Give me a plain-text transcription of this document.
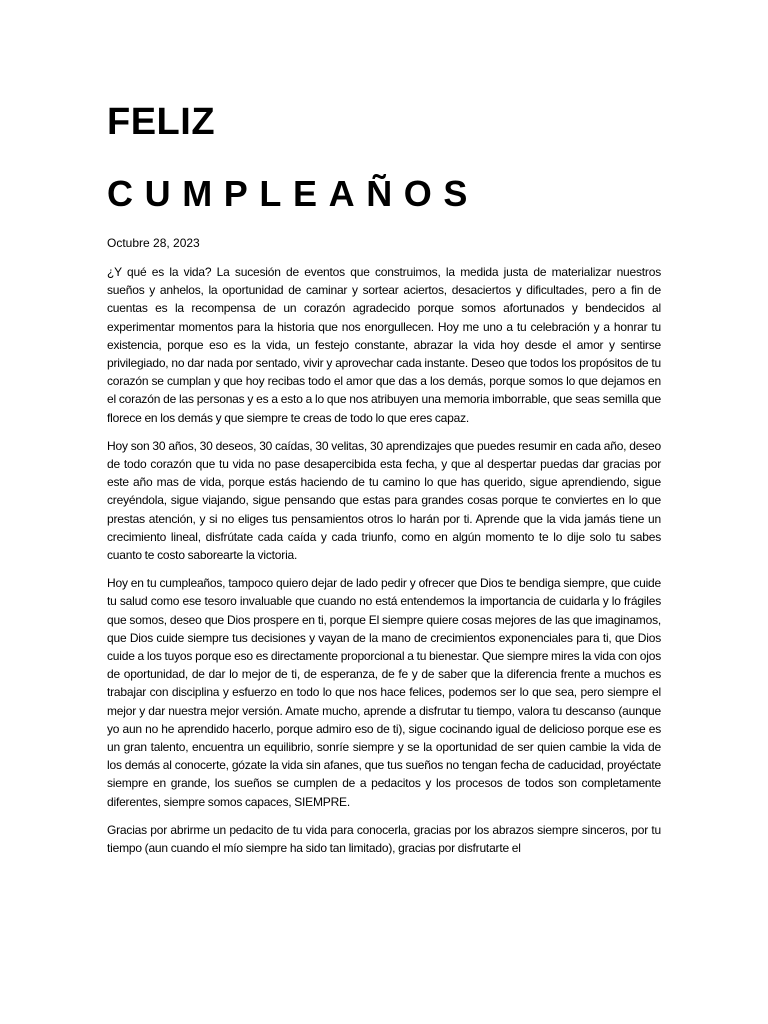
FELIZ
CUMPLEAÑOS
Octubre 28, 2023

¿Y qué es la vida? La sucesión de eventos que construimos, la medida justa de materializar nuestros sueños y anhelos, la oportunidad de caminar y sortear aciertos, desaciertos y dificultades, pero a fin de cuentas es la recompensa de un corazón agradecido porque somos afortunados y bendecidos al experimentar momentos para la historia que nos enorgullecen. Hoy me uno a tu celebración y a honrar tu existencia, porque eso es la vida, un festejo constante, abrazar la vida hoy desde el amor y sentirse privilegiado, no dar nada por sentado, vivir y aprovechar cada instante. Deseo que todos los propósitos de tu corazón se cumplan y que hoy recibas todo el amor que das a los demás, porque somos lo que dejamos en el corazón de las personas y es a esto a lo que nos atribuyen una memoria imborrable, que seas semilla que florece en los demás y que siempre te creas de todo lo que eres capaz.

Hoy son 30 años, 30 deseos, 30 caídas, 30 velitas, 30 aprendizajes que puedes resumir en cada año, deseo de todo corazón que tu vida no pase desapercibida esta fecha, y que al despertar puedas dar gracias por este año mas de vida, porque estás haciendo de tu camino lo que has querido, sigue aprendiendo, sigue creyéndola, sigue viajando, sigue pensando que estas para grandes cosas porque te conviertes en lo que prestas atención, y si no eliges tus pensamientos otros lo harán por ti. Aprende que la vida jamás tiene un crecimiento lineal, disfrútate cada caída y cada triunfo, como en algún momento te lo dije solo tu sabes cuanto te costo saborearte la victoria.

Hoy en tu cumpleaños, tampoco quiero dejar de lado pedir y ofrecer que Dios te bendiga siempre, que cuide tu salud como ese tesoro invaluable que cuando no está entendemos la importancia de cuidarla y lo frágiles que somos, deseo que Dios prospere en ti, porque El siempre quiere cosas mejores de las que imaginamos, que Dios cuide siempre tus decisiones y vayan de la mano de crecimientos exponenciales para ti, que Dios cuide a los tuyos porque eso es directamente proporcional a tu bienestar. Que siempre mires la vida con ojos de oportunidad, de dar lo mejor de ti, de esperanza, de fe y de saber que la diferencia frente a muchos es trabajar con disciplina y esfuerzo en todo lo que nos hace felices, podemos ser lo que sea, pero siempre el mejor y dar nuestra mejor versión. Amate mucho, aprende a disfrutar tu tiempo, valora tu descanso (aunque yo aun no he aprendido hacerlo, porque admiro eso de ti), sigue cocinando igual de delicioso porque ese es un gran talento, encuentra un equilibrio, sonríe siempre y se la oportunidad de ser quien cambie la vida de los demás al conocerte, gózate la vida sin afanes, que tus sueños no tengan fecha de caducidad, proyéctate siempre en grande, los sueños se cumplen de a pedacitos y los procesos de todos son completamente diferentes, siempre somos capaces, SIEMPRE.

Gracias por abrirme un pedacito de tu vida para conocerla, gracias por los abrazos siempre sinceros, por tu tiempo (aun cuando el mío siempre ha sido tan limitado), gracias por disfrutarte el
